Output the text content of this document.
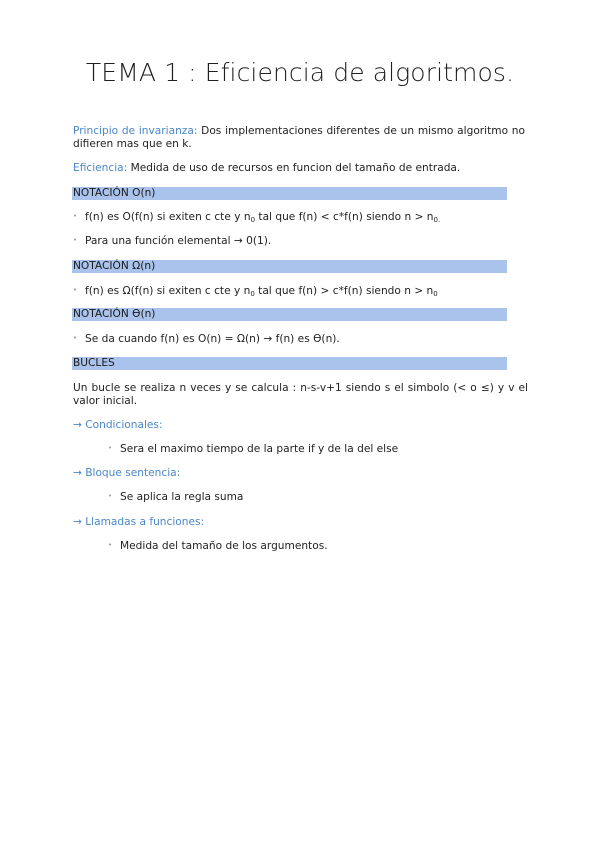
TEMA 1 : Eficiencia de algoritmos.
Principio de invarianza: Dos implementaciones diferentes de un mismo algoritmo no difieren mas que en k.
Eficiencia: Medida de uso de recursos en funcion del tamaño de entrada.
NOTACIÓN O(n)
• f(n) es O(f(n) si exiten c cte y $n_0$ tal que f(n) < c*f(n) siendo $n > n_{0.}$
• Para una función elemental → 0(1).
NOTACIÓN Ω(n)
• f(n) es Ω(f(n) si exiten c cte y $n_0$ tal que f(n) > c*f(n) siendo $n > n_0$
NOTACIÓN ϴ(n)
• Se da cuando f(n) es O(n) = Ω(n) → f(n) es ϴ(n).
BUCLES
Un bucle se realiza n veces y se calcula : n-s-v+1 siendo s el simbolo (< o ≤) y v el valor inicial.
→ Condicionales:
• Sera el maximo tiempo de la parte if y de la del else
→ Bloque sentencia:
• Se aplica la regla suma
→ Llamadas a funciones:
• Medida del tamaño de los argumentos.
